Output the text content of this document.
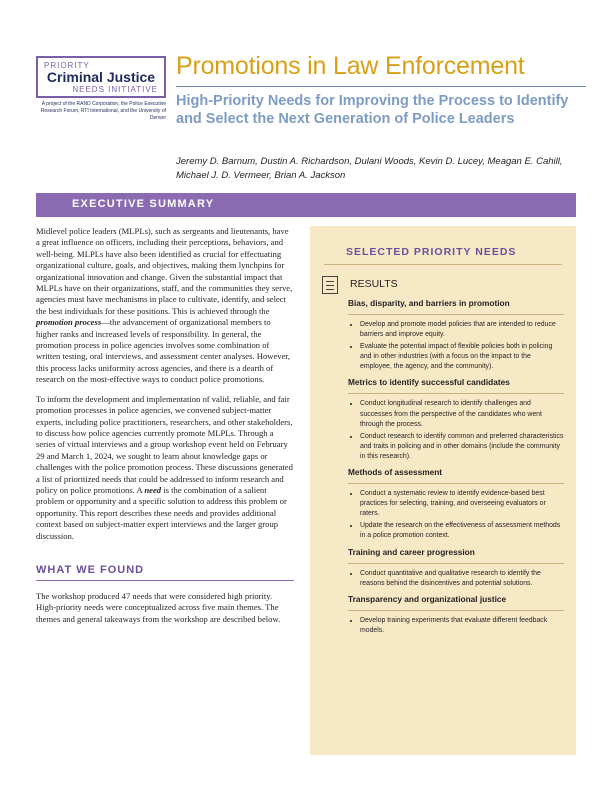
PRIORITY
Criminal Justice
NEEDS INITIATIVE
A project of the RAND Corporation, the Police Executive Research Forum, RTI International, and the University of Denver
Promotions in Law Enforcement
High-Priority Needs for Improving the Process to Identify and Select the Next Generation of Police Leaders
Jeremy D. Barnum, Dustin A. Richardson, Dulani Woods, Kevin D. Lucey, Meagan E. Cahill, Michael J. D. Vermeer, Brian A. Jackson
EXECUTIVE SUMMARY

Midlevel police leaders (MLPLs), such as sergeants and lieutenants, have a great influence on officers, including their perceptions, behaviors, and well-being. MLPLs have also been identified as crucial for effectuating organizational culture, goals, and objectives, making them lynchpins for organizational innovation and change. Given the substantial impact that MLPLs have on their organizations, staff, and the communities they serve, agencies must have mechanisms in place to cultivate, identify, and select the best individuals for these positions. This is achieved through the promotion process—the advancement of organizational members to higher ranks and increased levels of responsibility. In general, the promotion process in police agencies involves some combination of written testing, oral interviews, and assessment center analyses. However, this process lacks uniformity across agencies, and there is a dearth of research on the most-effective ways to conduct police promotions.

To inform the development and implementation of valid, reliable, and fair promotion processes in police agencies, we convened subject-matter experts, including police practitioners, researchers, and other stakeholders, to discuss how police agencies currently promote MLPLs. Through a series of virtual interviews and a group workshop event held on February 29 and March 1, 2024, we sought to learn about knowledge gaps or challenges with the police promotion process. These discussions generated a list of prioritized needs that could be addressed to inform research and policy on police promotions. A need is the combination of a salient problem or opportunity and a specific solution to address this problem or opportunity. This report describes these needs and provides additional context based on subject-matter expert interviews and the larger group discussion.

WHAT WE FOUND

The workshop produced 47 needs that were considered high priority. High-priority needs were conceptualized across five main themes. The themes and general takeaways from the workshop are described below.

SELECTED PRIORITY NEEDS
RESULTS
Bias, disparity, and barriers in promotion
• Develop and promote model policies that are intended to reduce barriers and improve equity.
• Evaluate the potential impact of flexible policies both in policing and in other industries (with a focus on the impact to the employee, the agency, and the community).
Metrics to identify successful candidates
• Conduct longitudinal research to identify challenges and successes from the perspective of the candidates who went through the process.
• Conduct research to identify common and preferred characteristics and traits in policing and in other domains (include the community in this research).
Methods of assessment
• Conduct a systematic review to identify evidence-based best practices for selecting, training, and overseeing evaluators or raters.
• Update the research on the effectiveness of assessment methods in a police promotion context.
Training and career progression
• Conduct quantitative and qualitative research to identify the reasons behind the disincentives and potential solutions.
Transparency and organizational justice
• Develop training experiments that evaluate different feedback models.
